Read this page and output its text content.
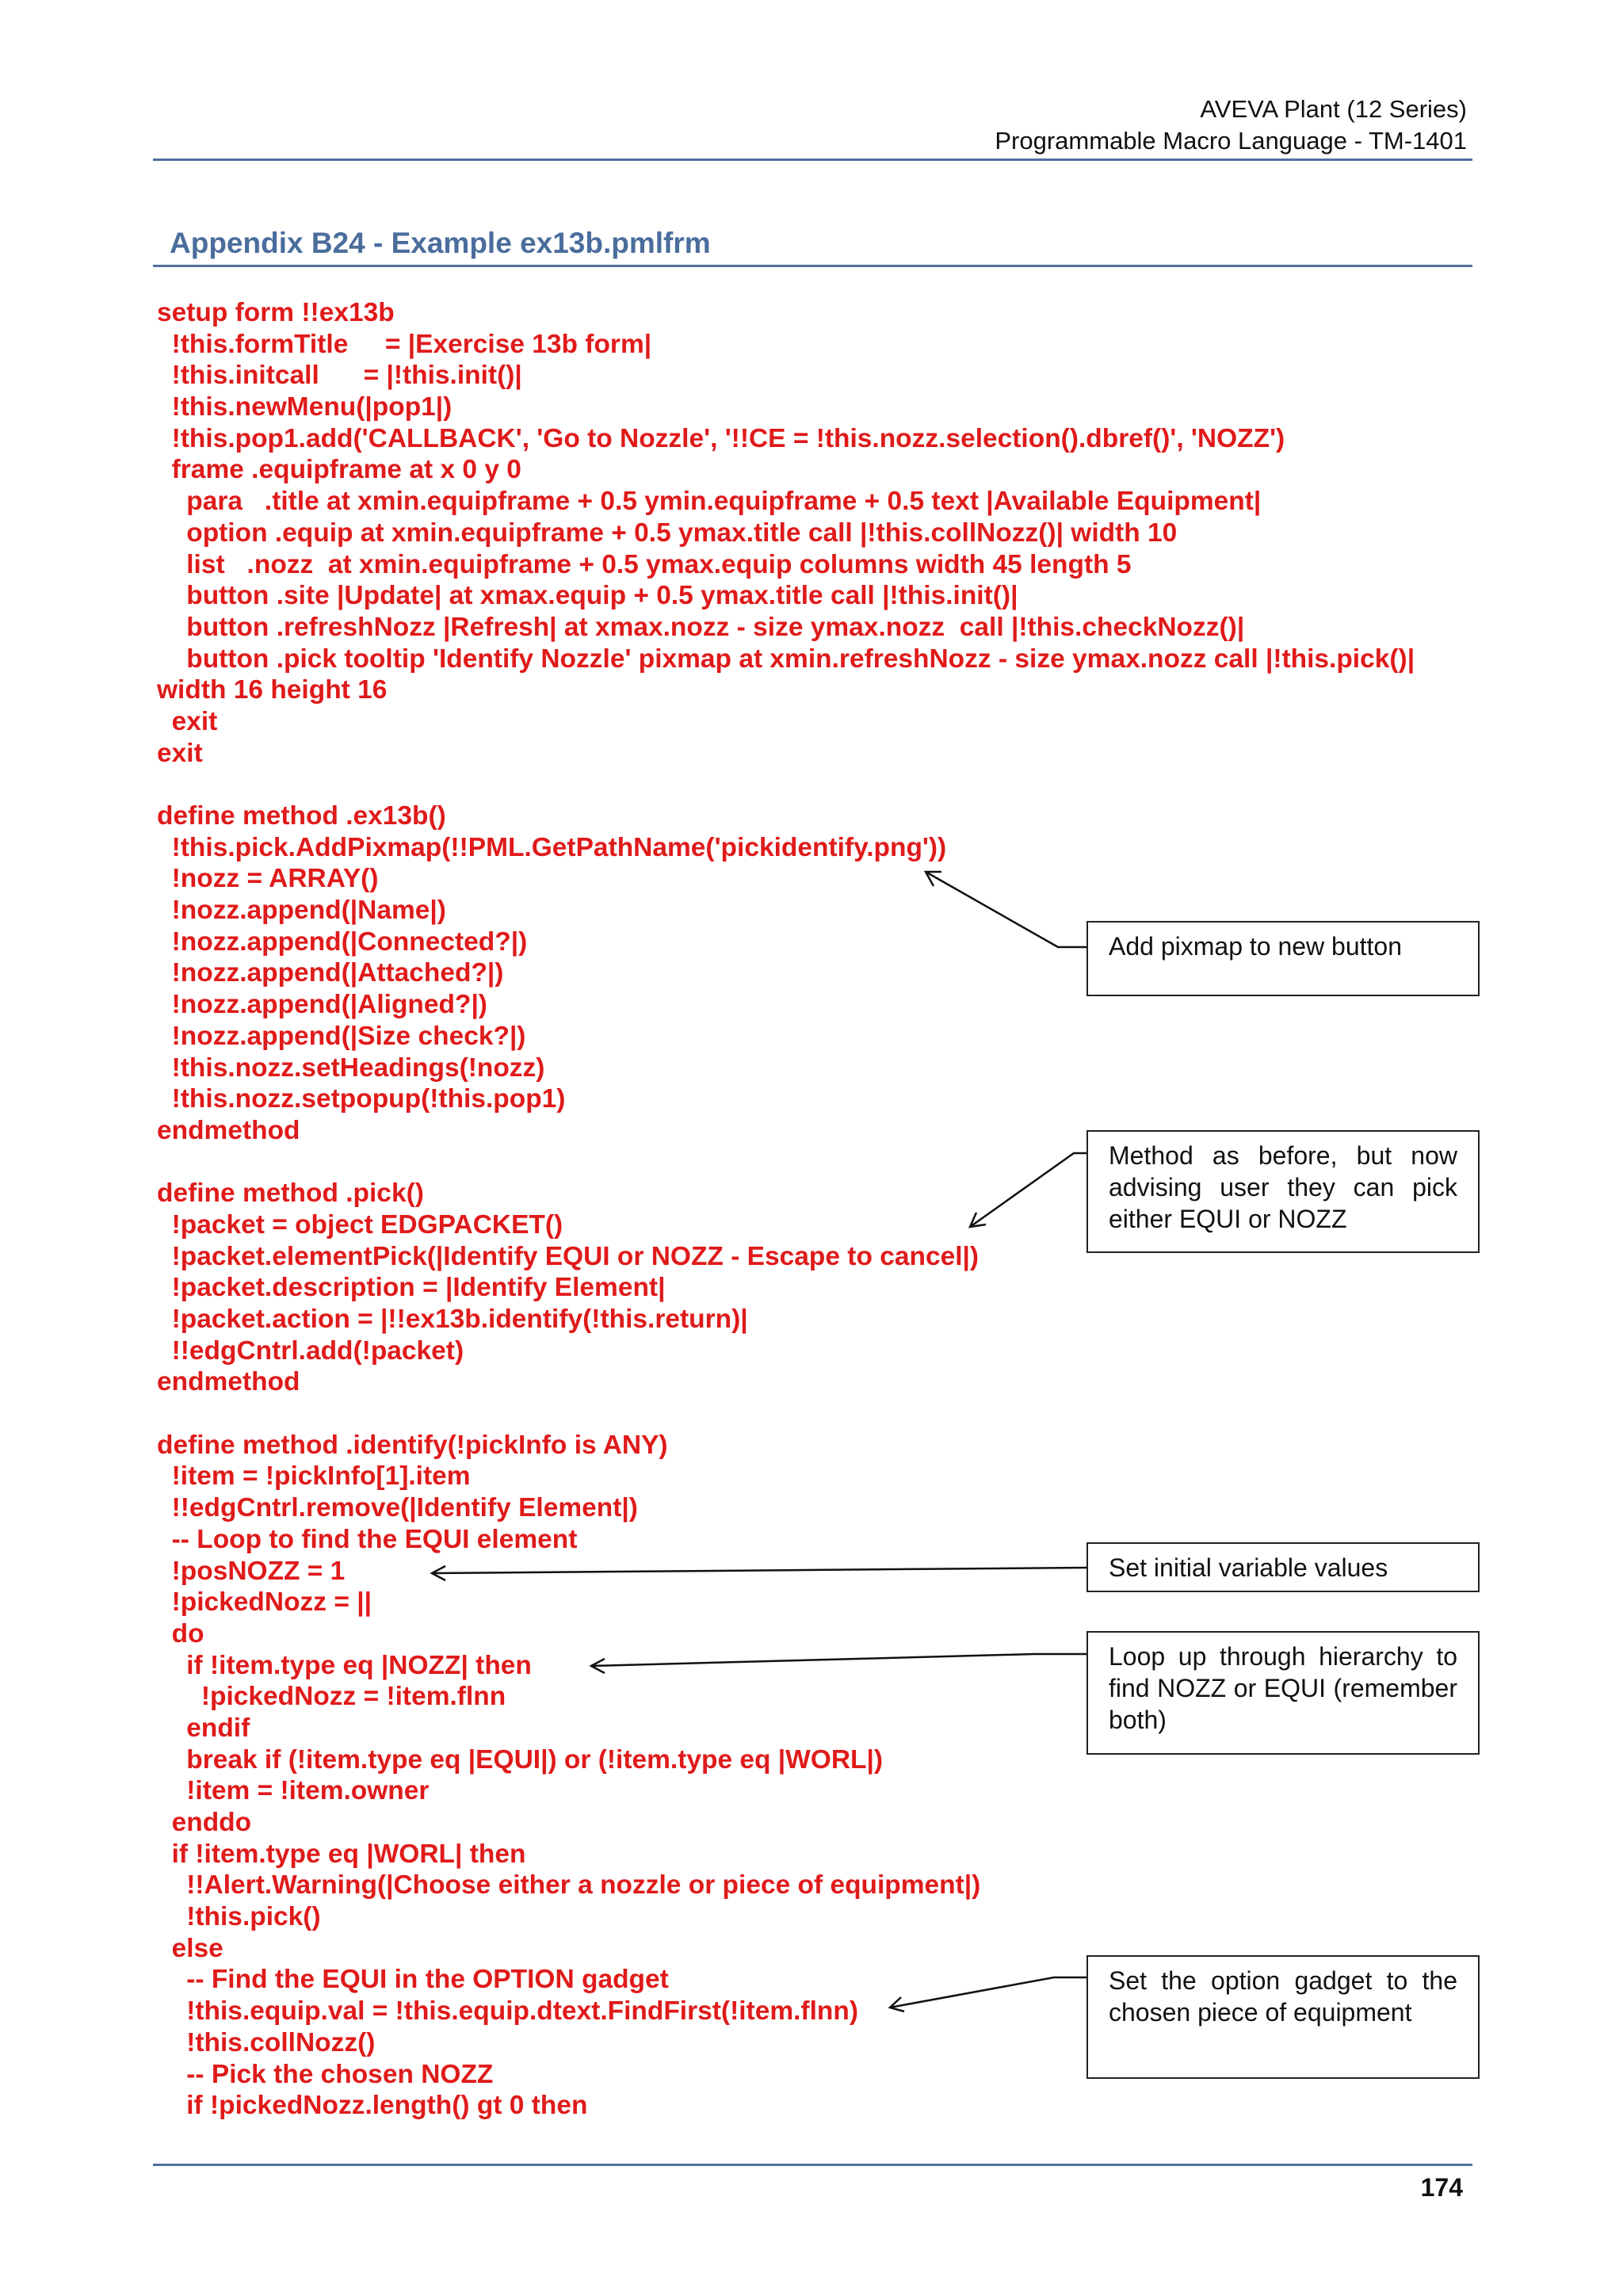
AVEVA Plant (12 Series)
Programmable Macro Language - TM-1401
Appendix B24 - Example ex13b.pmlfrm
setup form !!ex13b
!this.formTitle     = |Exercise 13b form|
!this.initcall      = |!this.init()|
!this.newMenu(|pop1|)
!this.pop1.add('CALLBACK', 'Go to Nozzle', '!!CE = !this.nozz.selection().dbref()', 'NOZZ')
frame .equipframe at x 0 y 0
para   .title at xmin.equipframe + 0.5 ymin.equipframe + 0.5 text |Available Equipment|
option .equip at xmin.equipframe + 0.5 ymax.title call |!this.collNozz()| width 10
list   .nozz  at xmin.equipframe + 0.5 ymax.equip columns width 45 length 5
button .site |Update| at xmax.equip + 0.5 ymax.title call |!this.init()|
button .refreshNozz |Refresh| at xmax.nozz - size ymax.nozz  call |!this.checkNozz()|
button .pick tooltip 'Identify Nozzle' pixmap at xmin.refreshNozz - size ymax.nozz call |!this.pick()|
width 16 height 16
exit
exit
define method .ex13b()
!this.pick.AddPixmap(!!PML.GetPathName('pickidentify.png'))
!nozz = ARRAY()
!nozz.append(|Name|)
!nozz.append(|Connected?|)
!nozz.append(|Attached?|)
!nozz.append(|Aligned?|)
!nozz.append(|Size check?|)
!this.nozz.setHeadings(!nozz)
!this.nozz.setpopup(!this.pop1)
endmethod
define method .pick()
!packet = object EDGPACKET()
!packet.elementPick(|Identify EQUI or NOZZ - Escape to cancel|)
!packet.description = |Identify Element|
!packet.action = |!!ex13b.identify(!this.return)|
!!edgCntrl.add(!packet)
endmethod
define method .identify(!pickInfo is ANY)
!item = !pickInfo[1].item
!!edgCntrl.remove(|Identify Element|)
-- Loop to find the EQUI element
!posNOZZ = 1
!pickedNozz = ||
do
if !item.type eq |NOZZ| then
!pickedNozz = !item.flnn
endif
break if (!item.type eq |EQUI|) or (!item.type eq |WORL|)
!item = !item.owner
enddo
if !item.type eq |WORL| then
!!Alert.Warning(|Choose either a nozzle or piece of equipment|)
!this.pick()
else
-- Find the EQUI in the OPTION gadget
!this.equip.val = !this.equip.dtext.FindFirst(!item.flnn)
!this.collNozz()
-- Pick the chosen NOZZ
if !pickedNozz.length() gt 0 then
Add pixmap to new button
Method as before, but now advising user they can pick either EQUI or NOZZ
Set initial variable values
Loop up through hierarchy to find NOZZ or EQUI (remember both)
Set the option gadget to the chosen piece of equipment
174
